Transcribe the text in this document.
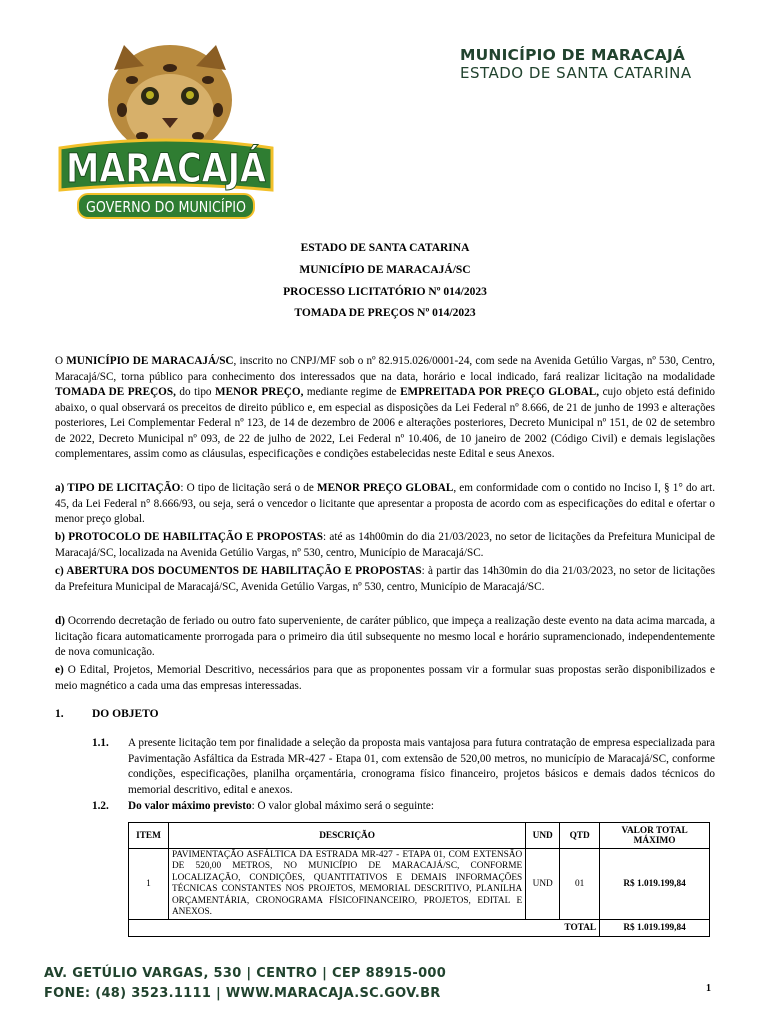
MARACAJÁ
GOVERNO DO MUNICÍPIO
MUNICÍPIO DE MARACAJÁ
ESTADO DE SANTA CATARINA
ESTADO DE SANTA CATARINA
MUNICÍPIO DE MARACAJÁ/SC
PROCESSO LICITATÓRIO Nº 014/2023
TOMADA DE PREÇOS Nº 014/2023
O MUNICÍPIO DE MARACAJÁ/SC, inscrito no CNPJ/MF sob o nº 82.915.026/0001-24, com sede na Avenida Getúlio Vargas, nº 530, Centro, Maracajá/SC, torna público para conhecimento dos interessados que na data, horário e local indicado, fará realizar licitação na modalidade TOMADA DE PREÇOS, do tipo MENOR PREÇO, mediante regime de EMPREITADA POR PREÇO GLOBAL, cujo objeto está definido abaixo, o qual observará os preceitos de direito público e, em especial as disposições da Lei Federal nº 8.666, de 21 de junho de 1993 e alterações posteriores, Lei Complementar Federal nº 123, de 14 de dezembro de 2006 e alterações posteriores, Decreto Municipal nº 151, de 02 de setembro de 2022, Decreto Municipal nº 093, de 22 de julho de 2022, Lei Federal nº 10.406, de 10 janeiro de 2002 (Código Civil) e demais legislações complementares, assim como as cláusulas, especificações e condições estabelecidas neste Edital e seus Anexos.
a) TIPO DE LICITAÇÃO: O tipo de licitação será o de MENOR PREÇO GLOBAL, em conformidade com o contido no Inciso I, § 1° do art. 45, da Lei Federal n° 8.666/93, ou seja, será o vencedor o licitante que apresentar a proposta de acordo com as especificações do edital e ofertar o menor preço global.
b) PROTOCOLO DE HABILITAÇÃO E PROPOSTAS: até as 14h00min do dia 21/03/2023, no setor de licitações da Prefeitura Municipal de Maracajá/SC, localizada na Avenida Getúlio Vargas, nº 530, centro, Município de Maracajá/SC.
c) ABERTURA DOS DOCUMENTOS DE HABILITAÇÃO E PROPOSTAS: à partir das 14h30min do dia 21/03/2023, no setor de licitações da Prefeitura Municipal de Maracajá/SC, Avenida Getúlio Vargas, nº 530, centro, Município de Maracajá/SC.
d) Ocorrendo decretação de feriado ou outro fato superveniente, de caráter público, que impeça a realização deste evento na data acima marcada, a licitação ficara automaticamente prorrogada para o primeiro dia útil subsequente no mesmo local e horário supramencionado, independentemente de nova comunicação.
e) O Edital, Projetos, Memorial Descritivo, necessários para que as proponentes possam vir a formular suas propostas serão disponibilizados e meio magnético a cada uma das empresas interessadas.
1. DO OBJETO
1.1. A presente licitação tem por finalidade a seleção da proposta mais vantajosa para futura contratação de empresa especializada para Pavimentação Asfáltica da Estrada MR-427 - Etapa 01, com extensão de 520,00 metros, no município de Maracajá/SC, conforme condições, especificações, planilha orçamentária, cronograma físico financeiro, projetos básicos e demais dados técnicos do memorial descritivo, edital e anexos.
1.2. Do valor máximo previsto: O valor global máximo será o seguinte:
ITEM	DESCRIÇÃO	UND	QTD	VALOR TOTAL
MÁXIMO

1	PAVIMENTAÇÃO ASFÁLTICA DA ESTRADA MR-427 - ETAPA 01, COM EXTENSÃO DE 520,00 METROS, NO MUNICÍPIO DE MARACAJÁ/SC, CONFORME LOCALIZAÇÃO, CONDIÇÕES, QUANTITATIVOS E DEMAIS INFORMAÇÕES TÉCNICAS CONSTANTES NOS PROJETOS, MEMORIAL DESCRITIVO, PLANILHA ORÇAMENTÁRIA, CRONOGRAMA FÍSICOFINANCEIRO, PROJETOS, EDITAL E ANEXOS.	UND	01	R$ 1.019.199,84
TOTAL				R$ 1.019.199,84
AV. GETÚLIO VARGAS, 530 | CENTRO | CEP 88915-000
FONE: (48) 3523.1111 | WWW.MARACAJA.SC.GOV.BR	1
